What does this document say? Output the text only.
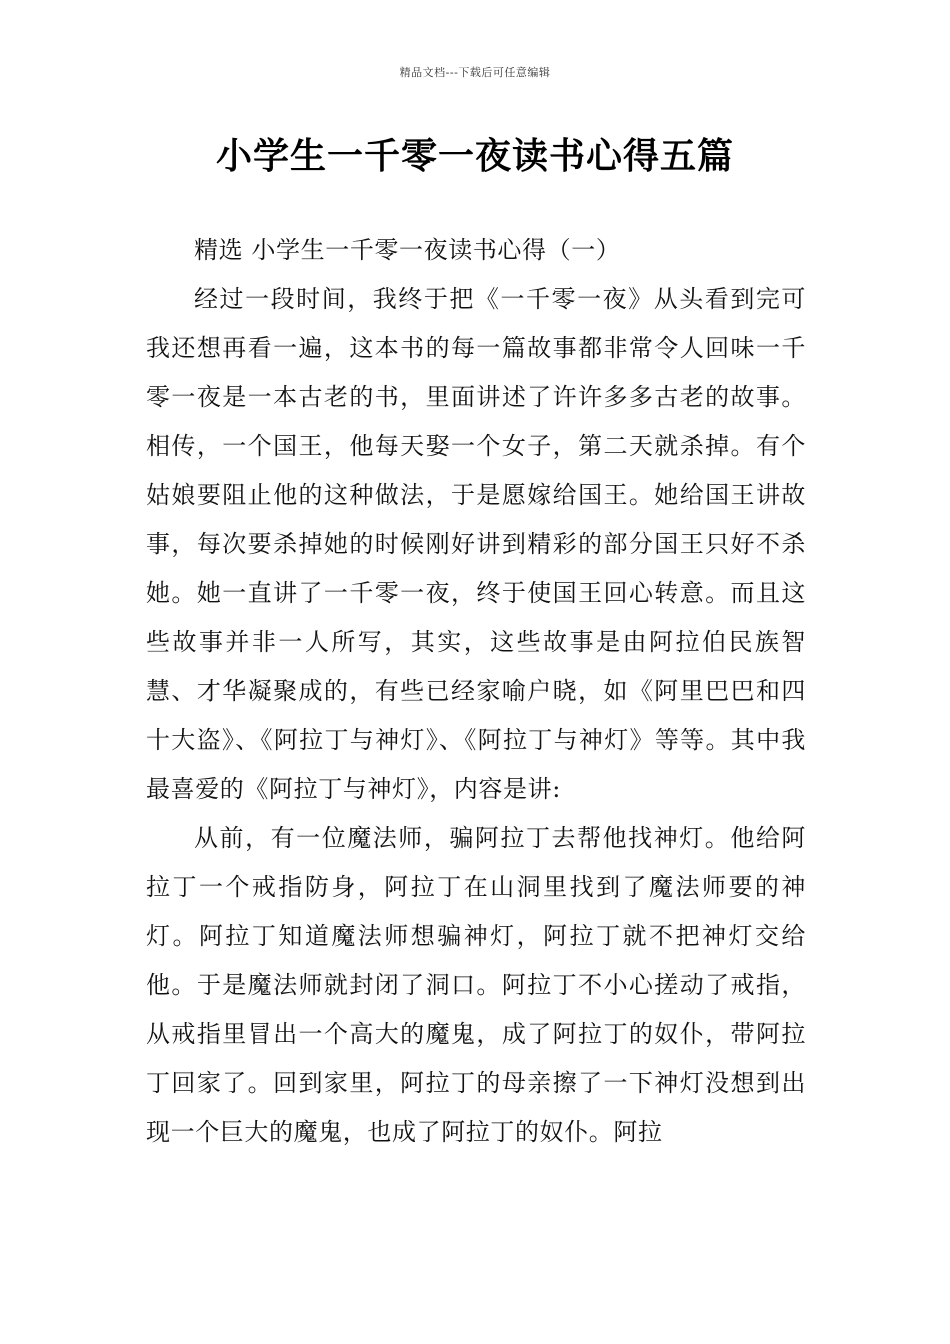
精品文档---下载后可任意编辑
小学生一千零一夜读书心得五篇

精选 小学生一千零一夜读书心得（一）

经过一段时间，我终于把《一千零一夜》从头看到完可我还想再看一遍，这本书的每一篇故事都非常令人回味一千零一夜是一本古老的书，里面讲述了许许多多古老的故事。相传，一个国王，他每天娶一个女子，第二天就杀掉。有个姑娘要阻止他的这种做法，于是愿嫁给国王。她给国王讲故事，每次要杀掉她的时候刚好讲到精彩的部分国王只好不杀她。她一直讲了一千零一夜，终于使国王回心转意。而且这些故事并非一人所写，其实，这些故事是由阿拉伯民族智慧、才华凝聚成的，有些已经家喻户晓，如《阿里巴巴和四十大盗》、《阿拉丁与神灯》、《阿拉丁与神灯》等等。其中我最喜爱的《阿拉丁与神灯》，内容是讲:

从前，有一位魔法师，骗阿拉丁去帮他找神灯。他给阿拉丁一个戒指防身，阿拉丁在山洞里找到了魔法师要的神灯。阿拉丁知道魔法师想骗神灯，阿拉丁就不把神灯交给他。于是魔法师就封闭了洞口。阿拉丁不小心搓动了戒指，从戒指里冒出一个高大的魔鬼，成了阿拉丁的奴仆，带阿拉丁回家了。回到家里，阿拉丁的母亲擦了一下神灯没想到出现一个巨大的魔鬼，也成了阿拉丁的奴仆。阿拉
